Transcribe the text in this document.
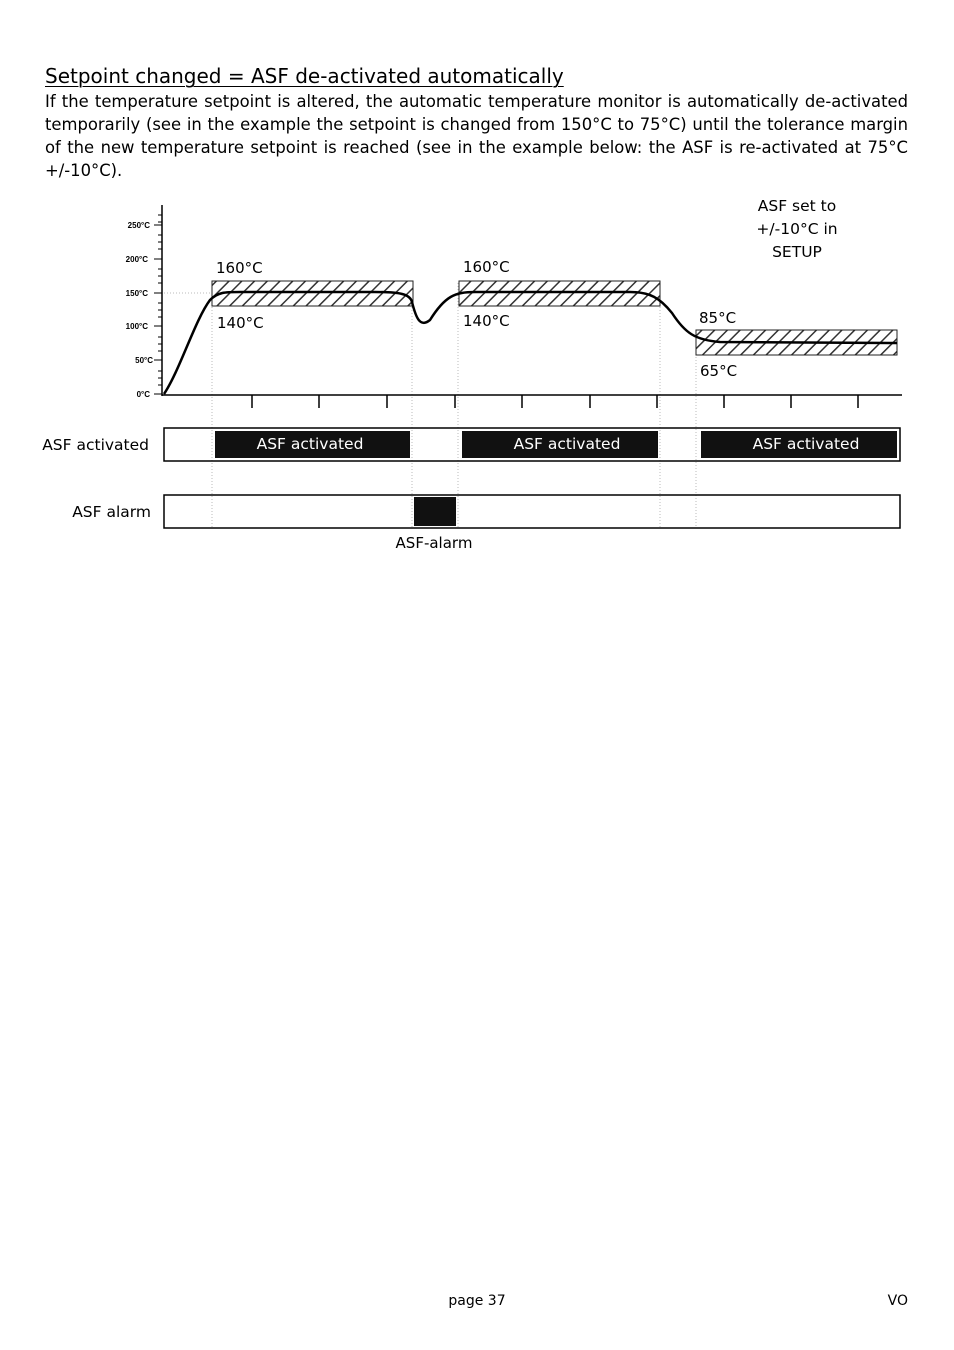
Setpoint changed = ASF de-activated automatically

If the temperature setpoint is altered, the automatic temperature monitor is automatically de-activated temporarily (see in the example the setpoint is changed from 150°C to 75°C) until the tolerance margin of the new temperature setpoint is reached (see in the example below: the ASF is re-activated at 75°C +/-10°C).

0°C
50°C
100°C
150°C
200°C
250°C
160°C
140°C
160°C
140°C	85°C
65°C
ASF set to
+/-10°C in
SETUP
ASF activated	ASF activated	ASF activated	ASF activated
ASF alarm
ASF-alarm
page 37	VO
